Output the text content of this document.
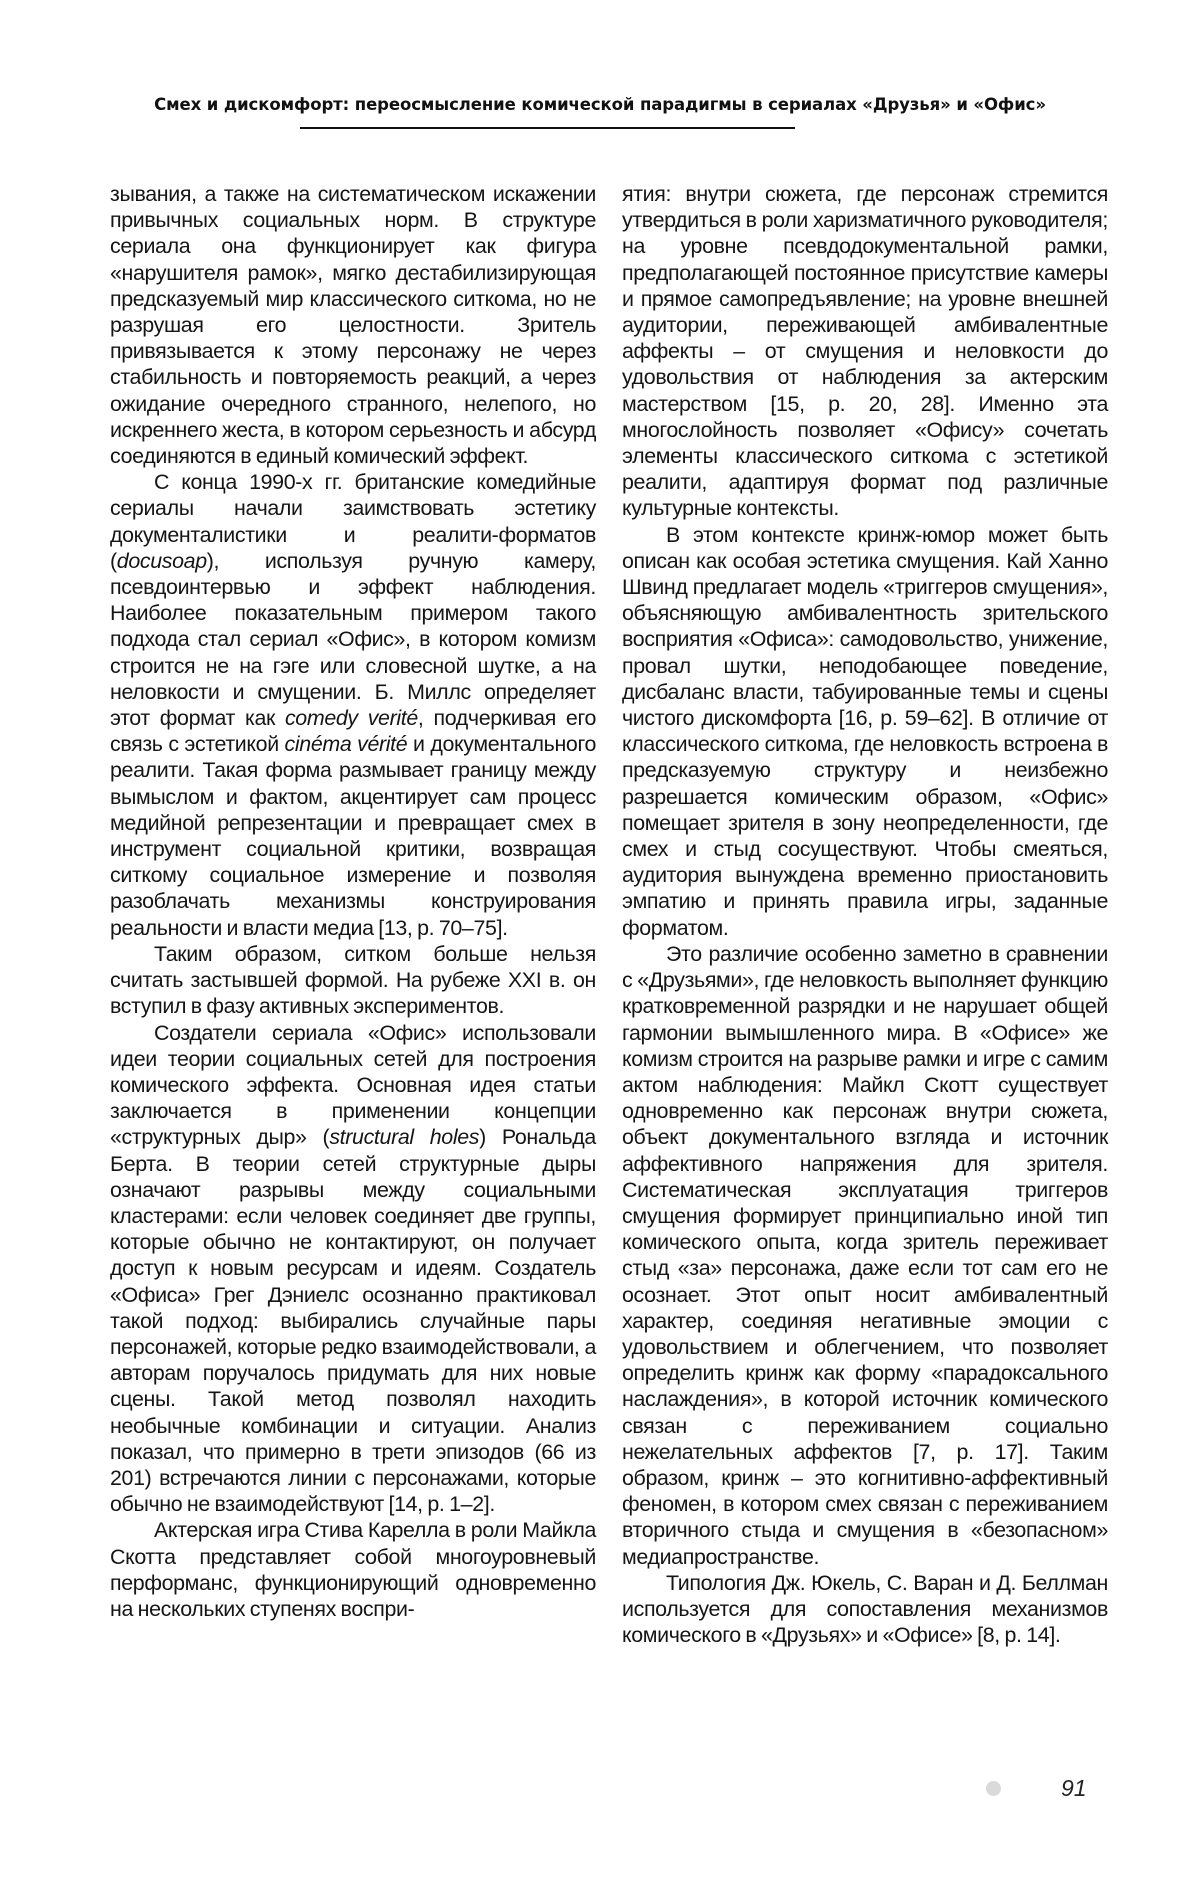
Смех и дискомфорт: переосмысление комической парадигмы в сериалах «Друзья» и «Офис»

зывания, а также на систематическом искажении привычных социальных норм. В структуре сериала она функционирует как фигура «нарушителя рамок», мягко дестабилизирующая предсказуемый мир классического ситкома, но не разрушая его целостности. Зритель привязывается к этому персонажу не через стабильность и повторяемость реакций, а через ожидание очередного странного, нелепого, но искреннего жеста, в котором серьезность и абсурд соединяются в единый комический эффект.

С конца 1990-х гг. британские комедийные сериалы начали заимствовать эстетику документалистики и реалити-форматов (docusoap), используя ручную камеру, псевдоинтервью и эффект наблюдения. Наиболее показательным примером такого подхода стал сериал «Офис», в котором комизм строится не на гэге или словесной шутке, а на неловкости и смущении. Б. Миллс определяет этот формат как comedy verité, подчеркивая его связь с эстетикой cinéma vérité и документального реалити. Такая форма размывает границу между вымыслом и фактом, акцентирует сам процесс медийной репрезентации и превращает смех в инструмент социальной критики, возвращая ситкому социальное измерение и позволяя разоблачать механизмы конструирования реальности и власти медиа [13, p. 70–75].

Таким образом, ситком больше нельзя считать застывшей формой. На рубеже XXI в. он вступил в фазу активных экспериментов.

Создатели сериала «Офис» использовали идеи теории социальных сетей для построения комического эффекта. Основная идея статьи заключается в применении концепции «структурных дыр» (structural holes) Рональда Берта. В теории сетей структурные дыры означают разрывы между социальными кластерами: если человек соединяет две группы, которые обычно не контактируют, он получает доступ к новым ресурсам и идеям. Создатель «Офиса» Грег Дэниелс осознанно практиковал такой подход: выбирались случайные пары персонажей, которые редко взаимодействовали, а авторам поручалось придумать для них новые сцены. Такой метод позволял находить необычные комбинации и ситуации. Анализ показал, что примерно в трети эпизодов (66 из 201) встречаются линии с персонажами, которые обычно не взаимодействуют [14, p. 1–2].

Актерская игра Стива Карелла в роли Майкла Скотта представляет собой многоуровневый перформанс, функционирующий одновременно на нескольких ступенях воспри-

ятия: внутри сюжета, где персонаж стремится утвердиться в роли харизматичного руководителя; на уровне псевдодокументальной рамки, предполагающей постоянное присутствие камеры и прямое самопредъявление; на уровне внешней аудитории, переживающей амбивалентные аффекты – от смущения и неловкости до удовольствия от наблюдения за актерским мастерством [15, p. 20, 28]. Именно эта многослойность позволяет «Офису» сочетать элементы классического ситкома с эстетикой реалити, адаптируя формат под различные культурные контексты.

В этом контексте кринж-юмор может быть описан как особая эстетика смущения. Кай Ханно Швинд предлагает модель «триггеров смущения», объясняющую амбивалентность зрительского восприятия «Офиса»: самодовольство, унижение, провал шутки, неподобающее поведение, дисбаланс власти, табуированные темы и сцены чистого дискомфорта [16, p. 59–62]. В отличие от классического ситкома, где неловкость встроена в предсказуемую структуру и неизбежно разрешается комическим образом, «Офис» помещает зрителя в зону неопределенности, где смех и стыд сосуществуют. Чтобы смеяться, аудитория вынуждена временно приостановить эмпатию и принять правила игры, заданные форматом.

Это различие особенно заметно в сравнении с «Друзьями», где неловкость выполняет функцию кратковременной разрядки и не нарушает общей гармонии вымышленного мира. В «Офисе» же комизм строится на разрыве рамки и игре с самим актом наблюдения: Майкл Скотт существует одновременно как персонаж внутри сюжета, объект документального взгляда и источник аффективного напряжения для зрителя. Систематическая эксплуатация триггеров смущения формирует принципиально иной тип комического опыта, когда зритель переживает стыд «за» персонажа, даже если тот сам его не осознает. Этот опыт носит амбивалентный характер, соединяя негативные эмоции с удовольствием и облегчением, что позволяет определить кринж как форму «парадоксального наслаждения», в которой источник комического связан с переживанием социально нежелательных аффектов [7, p. 17]. Таким образом, кринж – это когнитивно-аффективный феномен, в котором смех связан с переживанием вторичного стыда и смущения в «безопасном» медиапространстве.

Типология Дж. Юкель, С. Варан и Д. Беллман используется для сопоставления механизмов комического в «Друзьях» и «Офисе» [8, p. 14].

91
